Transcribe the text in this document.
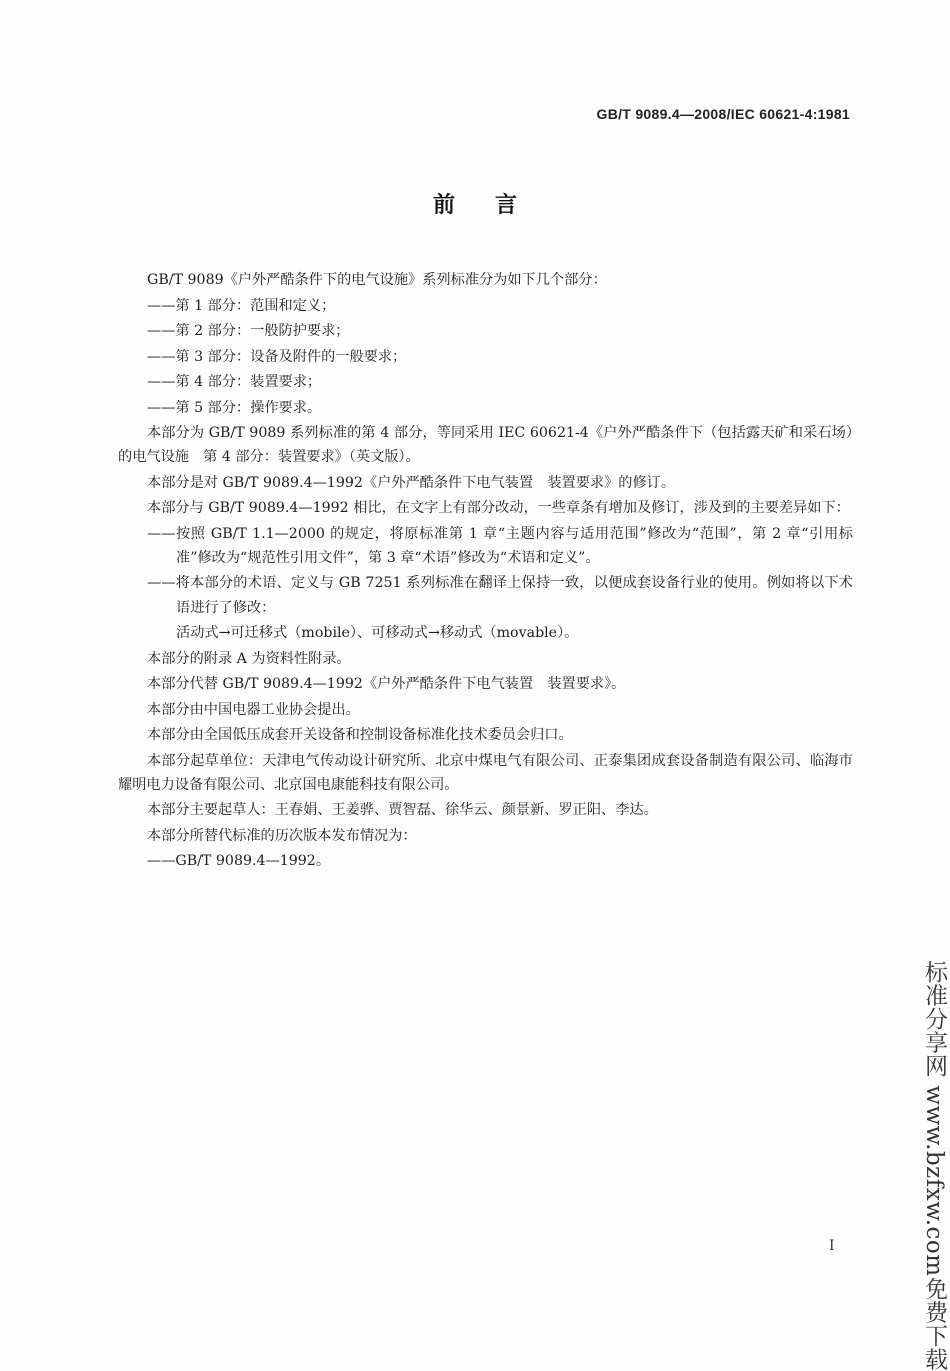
GB/T 9089.4—2008/IEC 60621-4:1981
前言

GB/T 9089《户外严酷条件下的电气设施》系列标准分为如下几个部分：

——第 1 部分：范围和定义；

——第 2 部分：一般防护要求；

——第 3 部分：设备及附件的一般要求；

——第 4 部分：装置要求；

——第 5 部分：操作要求。

本部分为 GB/T 9089 系列标准的第 4 部分，等同采用 IEC 60621-4《户外严酷条件下（包括露天矿和采石场）的电气设施　第 4 部分：装置要求》（英文版）。

本部分是对 GB/T 9089.4—1992《户外严酷条件下电气装置　装置要求》的修订。

本部分与 GB/T 9089.4—1992 相比，在文字上有部分改动，一些章条有增加及修订，涉及到的主要差异如下：

——按照 GB/T 1.1—2000 的规定，将原标准第 1 章“主题内容与适用范围”修改为“范围”，第 2 章“引用标准”修改为“规范性引用文件”，第 3 章“术语”修改为“术语和定义”。

——将本部分的术语、定义与 GB 7251 系列标准在翻译上保持一致，以便成套设备行业的使用。例如将以下术语进行了修改：

活动式→可迁移式（mobile）、可移动式→移动式（movable）。

本部分的附录 A 为资料性附录。

本部分代替 GB/T 9089.4—1992《户外严酷条件下电气装置　装置要求》。

本部分由中国电器工业协会提出。

本部分由全国低压成套开关设备和控制设备标准化技术委员会归口。

本部分起草单位：天津电气传动设计研究所、北京中煤电气有限公司、正泰集团成套设备制造有限公司、临海市耀明电力设备有限公司、北京国电康能科技有限公司。

本部分主要起草人：王春娟、王姜骅、贾智磊、徐华云、颜景新、罗正阳、李达。

本部分所替代标准的历次版本发布情况为：

——GB/T 9089.4—1992。

I	标准分享网 www.bzfxw.com免费下载
